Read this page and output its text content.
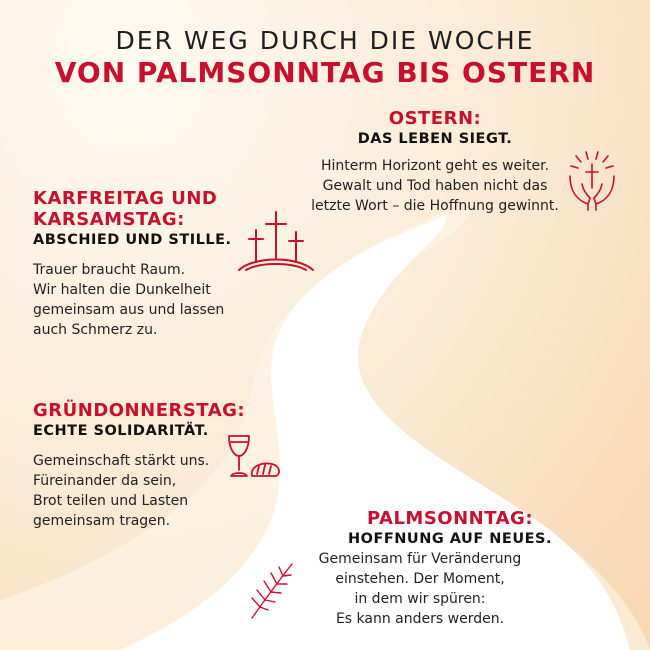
DER WEG DURCH DIE WOCHE
VON PALMSONNTAG BIS OSTERN
OSTERN:
DAS LEBEN SIEGT.
Hinterm Horizont geht es weiter.
Gewalt und Tod haben nicht das
letzte Wort – die Hoffnung gewinnt.
KARFREITAG UND
KARSAMSTAG:
ABSCHIED UND STILLE.
Trauer braucht Raum.
Wir halten die Dunkelheit
gemeinsam aus und lassen
auch Schmerz zu.
GRÜNDONNERSTAG:
ECHTE SOLIDARITÄT.
Gemeinschaft stärkt uns.
Füreinander da sein,
Brot teilen und Lasten
gemeinsam tragen.	PALMSONNTAG:
HOFFNUNG AUF NEUES.
Gemeinsam für Veränderung
einstehen. Der Moment,
in dem wir spüren:
Es kann anders werden.
